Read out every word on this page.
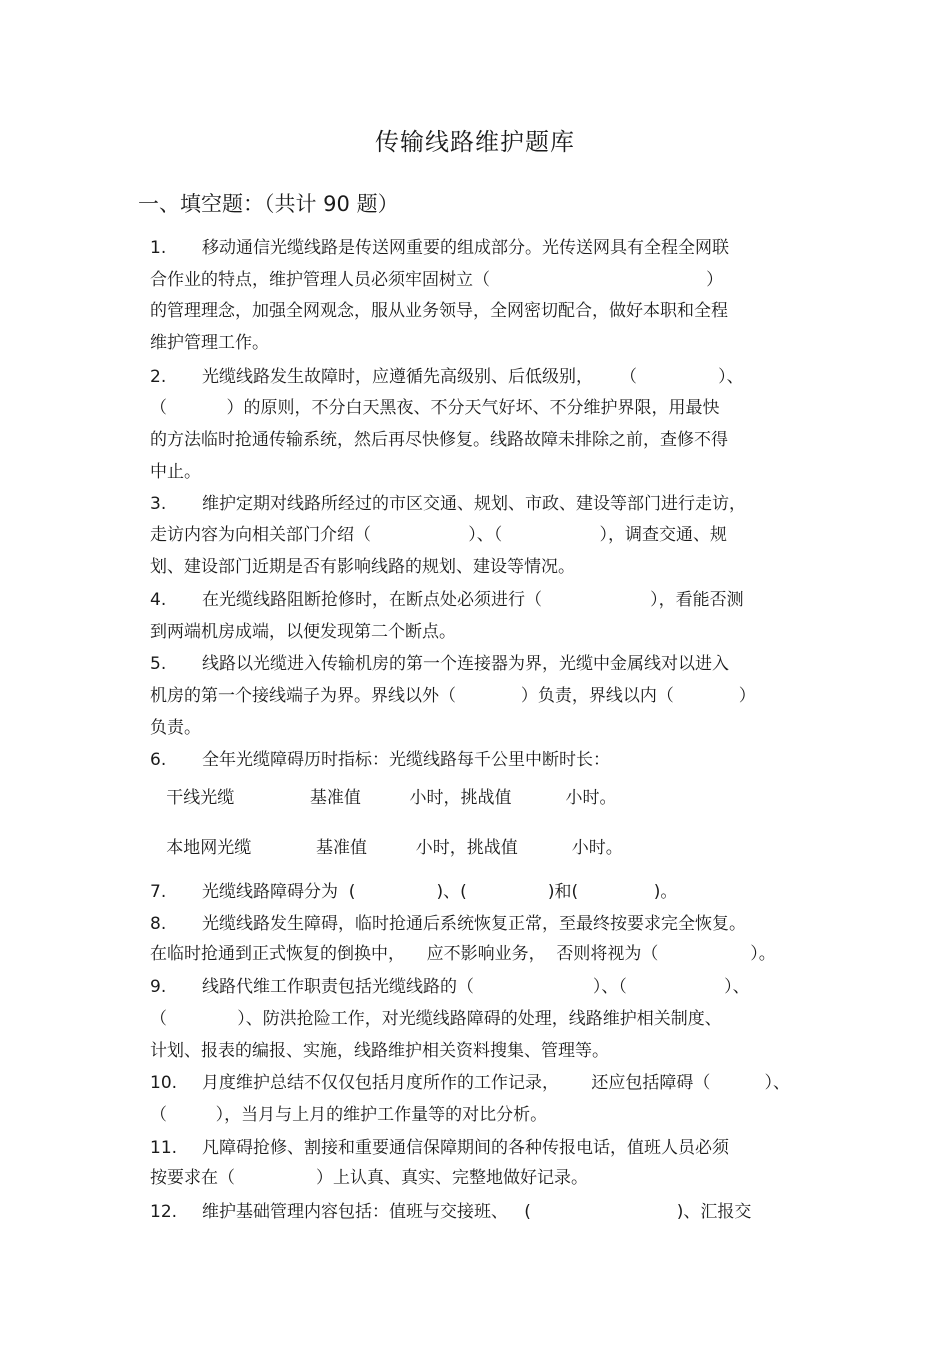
传输线路维护题库
一、填空题：（共计 90 题）
1. 移动通信光缆线路是传送网重要的组成部分。光传送网具有全程全网联
合作业的特点，维护管理人员必须牢固树立（                                        ）
的管理理念，加强全网观念，服从业务领导，全网密切配合，做好本职和全程
维护管理工作。
2. 光缆线路发生故障时，应遵循先高级别、后低级别，     （               ）、
（           ）的原则，不分白天黑夜、不分天气好坏、不分维护界限，用最快
的方法临时抢通传输系统，然后再尽快修复。线路故障未排除之前，查修不得
中止。
3. 维护定期对线路所经过的市区交通、规划、市政、建设等部门进行走访，
走访内容为向相关部门介绍（                  ）、（                  ），调查交通、规
划、建设部门近期是否有影响线路的规划、建设等情况。
4. 在光缆线路阻断抢修时，在断点处必须进行（                    ），看能否测
到两端机房成端，以便发现第二个断点。
5. 线路以光缆进入传输机房的第一个连接器为界，光缆中金属线对以进入
机房的第一个接线端子为界。界线以外（            ）负责，界线以内（            ）
负责。
6. 全年光缆障碍历时指标：光缆线路每千公里中断时长：
干线光缆              基准值         小时，挑战值          小时。
本地网光缆            基准值         小时，挑战值          小时。
7. 光缆线路障碍分为  (               )、(               )和(              )。
8. 光缆线路发生障碍，临时抢通后系统恢复正常，至最终按要求完全恢复。
在临时抢通到正式恢复的倒换中，    应不影响业务，  否则将视为（                 ）。
9. 线路代维工作职责包括光缆线路的（                      ）、（                  ）、
（             ）、防洪抢险工作，对光缆线路障碍的处理，线路维护相关制度、
计划、报表的编报、实施，线路维护相关资料搜集、管理等。
10. 月度维护总结不仅仅包括月度所作的工作记录，      还应包括障碍（          ）、
（         ），当月与上月的维护工作量等的对比分析。
11. 凡障碍抢修、割接和重要通信保障期间的各种传报电话，值班人员必须
按要求在（               ）上认真、真实、完整地做好记录。
12. 维护基础管理内容包括：值班与交接班、   (                           )、汇报交
